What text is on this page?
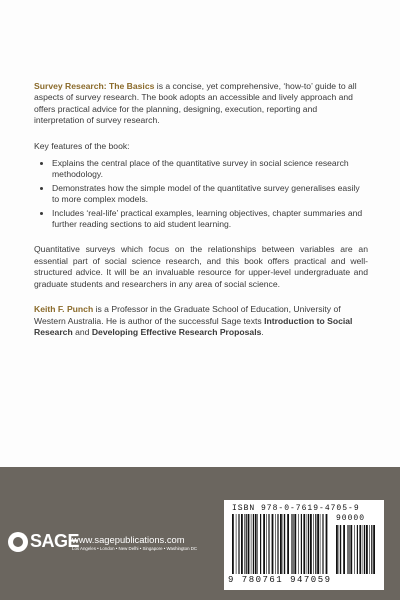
Survey Research: The Basics is a concise, yet comprehensive, ‘how-to’ guide to all aspects of survey research. The book adopts an accessible and lively approach and offers practical advice for the planning, designing, execution, reporting and interpretation of survey research.

Key features of the book:

• Explains the central place of the quantitative survey in social science research methodology.
• Demonstrates how the simple model of the quantitative survey generalises easily to more complex models.
• Includes ‘real-life’ practical examples, learning objectives, chapter summaries and further reading sections to aid student learning.

Quantitative surveys which focus on the relationships between variables are an essential part of social science research, and this book offers practical and well-structured advice. It will be an invaluable resource for upper-level undergraduate and graduate students and researchers in any area of social science.

Keith F. Punch is a Professor in the Graduate School of Education, University of Western Australia. He is author of the successful Sage texts Introduction to Social Research and Developing Effective Research Proposals.

SAGE
www.sagepublications.com
Los Angeles • London • New Delhi • Singapore • Washington DC
ISBN 978-0-7619-4705-9
90000
9 780761 947059
